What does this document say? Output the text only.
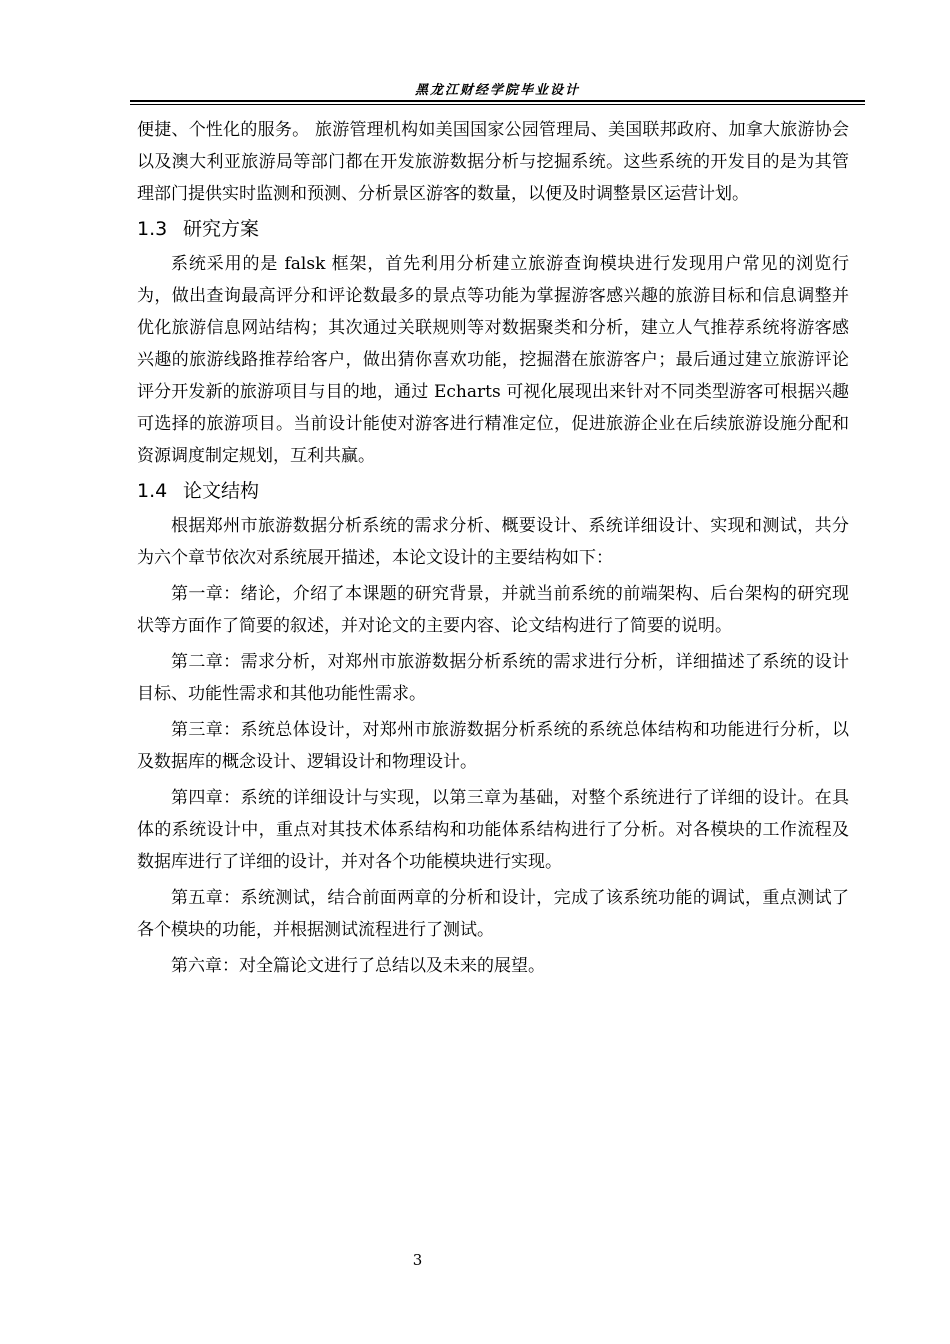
黑龙江财经学院毕业设计

便捷、个性化的服务。 旅游管理机构如美国国家公园管理局、美国联邦政府、加拿大旅游协会以及澳大利亚旅游局等部门都在开发旅游数据分析与挖掘系统。这些系统的开发目的是为其管理部门提供实时监测和预测、分析景区游客的数量，以便及时调整景区运营计划。

1.3 研究方案

系统采用的是 falsk 框架，首先利用分析建立旅游查询模块进行发现用户常见的浏览行为，做出查询最高评分和评论数最多的景点等功能为掌握游客感兴趣的旅游目标和信息调整并优化旅游信息网站结构；其次通过关联规则等对数据聚类和分析，建立人气推荐系统将游客感兴趣的旅游线路推荐给客户，做出猜你喜欢功能，挖掘潜在旅游客户；最后通过建立旅游评论评分开发新的旅游项目与目的地，通过 Echarts 可视化展现出来针对不同类型游客可根据兴趣可选择的旅游项目。当前设计能使对游客进行精准定位，促进旅游企业在后续旅游设施分配和资源调度制定规划，互利共赢。

1.4 论文结构

根据郑州市旅游数据分析系统的需求分析、概要设计、系统详细设计、实现和测试，共分为六个章节依次对系统展开描述，本论文设计的主要结构如下：

第一章：绪论，介绍了本课题的研究背景，并就当前系统的前端架构、后台架构的研究现状等方面作了简要的叙述，并对论文的主要内容、论文结构进行了简要的说明。

第二章：需求分析，对郑州市旅游数据分析系统的需求进行分析，详细描述了系统的设计目标、功能性需求和其他功能性需求。

第三章：系统总体设计，对郑州市旅游数据分析系统的系统总体结构和功能进行分析，以及数据库的概念设计、逻辑设计和物理设计。

第四章：系统的详细设计与实现，以第三章为基础，对整个系统进行了详细的设计。在具体的系统设计中，重点对其技术体系结构和功能体系结构进行了分析。对各模块的工作流程及数据库进行了详细的设计，并对各个功能模块进行实现。

第五章：系统测试，结合前面两章的分析和设计，完成了该系统功能的调试，重点测试了各个模块的功能，并根据测试流程进行了测试。

第六章：对全篇论文进行了总结以及未来的展望。

3
